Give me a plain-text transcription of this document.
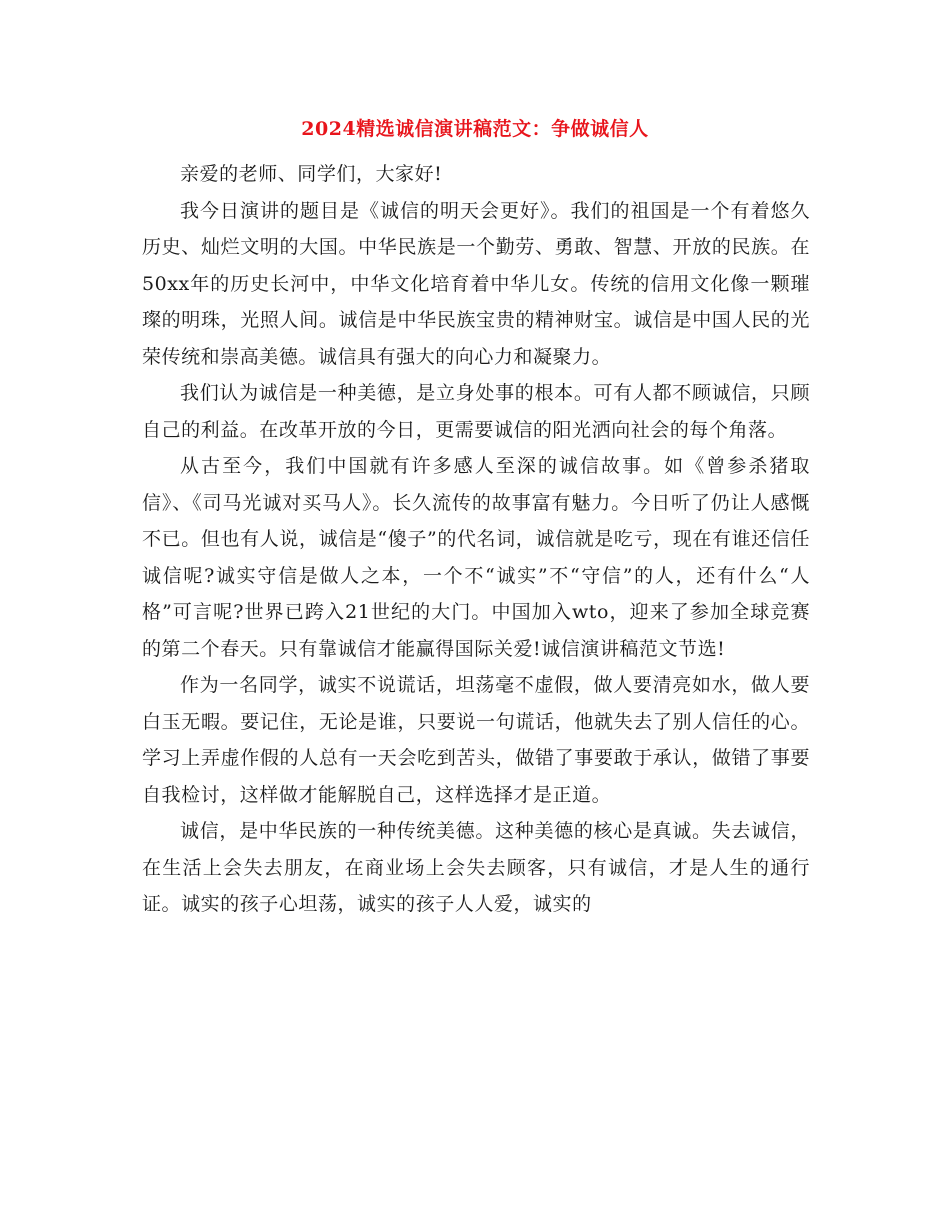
2024精选诚信演讲稿范文：争做诚信人

亲爱的老师、同学们，大家好!

我今日演讲的题目是《诚信的明天会更好》。我们的祖国是一个有着悠久历史、灿烂文明的大国。中华民族是一个勤劳、勇敢、智慧、开放的民族。在50xx年的历史长河中，中华文化培育着中华儿女。传统的信用文化像一颗璀璨的明珠，光照人间。诚信是中华民族宝贵的精神财宝。诚信是中国人民的光荣传统和崇高美德。诚信具有强大的向心力和凝聚力。

我们认为诚信是一种美德，是立身处事的根本。可有人都不顾诚信，只顾自己的利益。在改革开放的今日，更需要诚信的阳光洒向社会的每个角落。

从古至今，我们中国就有许多感人至深的诚信故事。如《曾参杀猪取信》、《司马光诚对买马人》。长久流传的故事富有魅力。今日听了仍让人感慨不已。但也有人说，诚信是“傻子”的代名词，诚信就是吃亏，现在有谁还信任诚信呢?诚实守信是做人之本，一个不“诚实”不“守信”的人，还有什么“人格”可言呢?世界已跨入21世纪的大门。中国加入wto，迎来了参加全球竞赛的第二个春天。只有靠诚信才能赢得国际关爱!诚信演讲稿范文节选!

作为一名同学，诚实不说谎话，坦荡毫不虚假，做人要清亮如水，做人要白玉无暇。要记住，无论是谁，只要说一句谎话，他就失去了别人信任的心。学习上弄虚作假的人总有一天会吃到苦头，做错了事要敢于承认，做错了事要自我检讨，这样做才能解脱自己，这样选择才是正道。

诚信，是中华民族的一种传统美德。这种美德的核心是真诚。失去诚信，在生活上会失去朋友，在商业场上会失去顾客，只有诚信，才是人生的通行证。诚实的孩子心坦荡，诚实的孩子人人爱，诚实的
